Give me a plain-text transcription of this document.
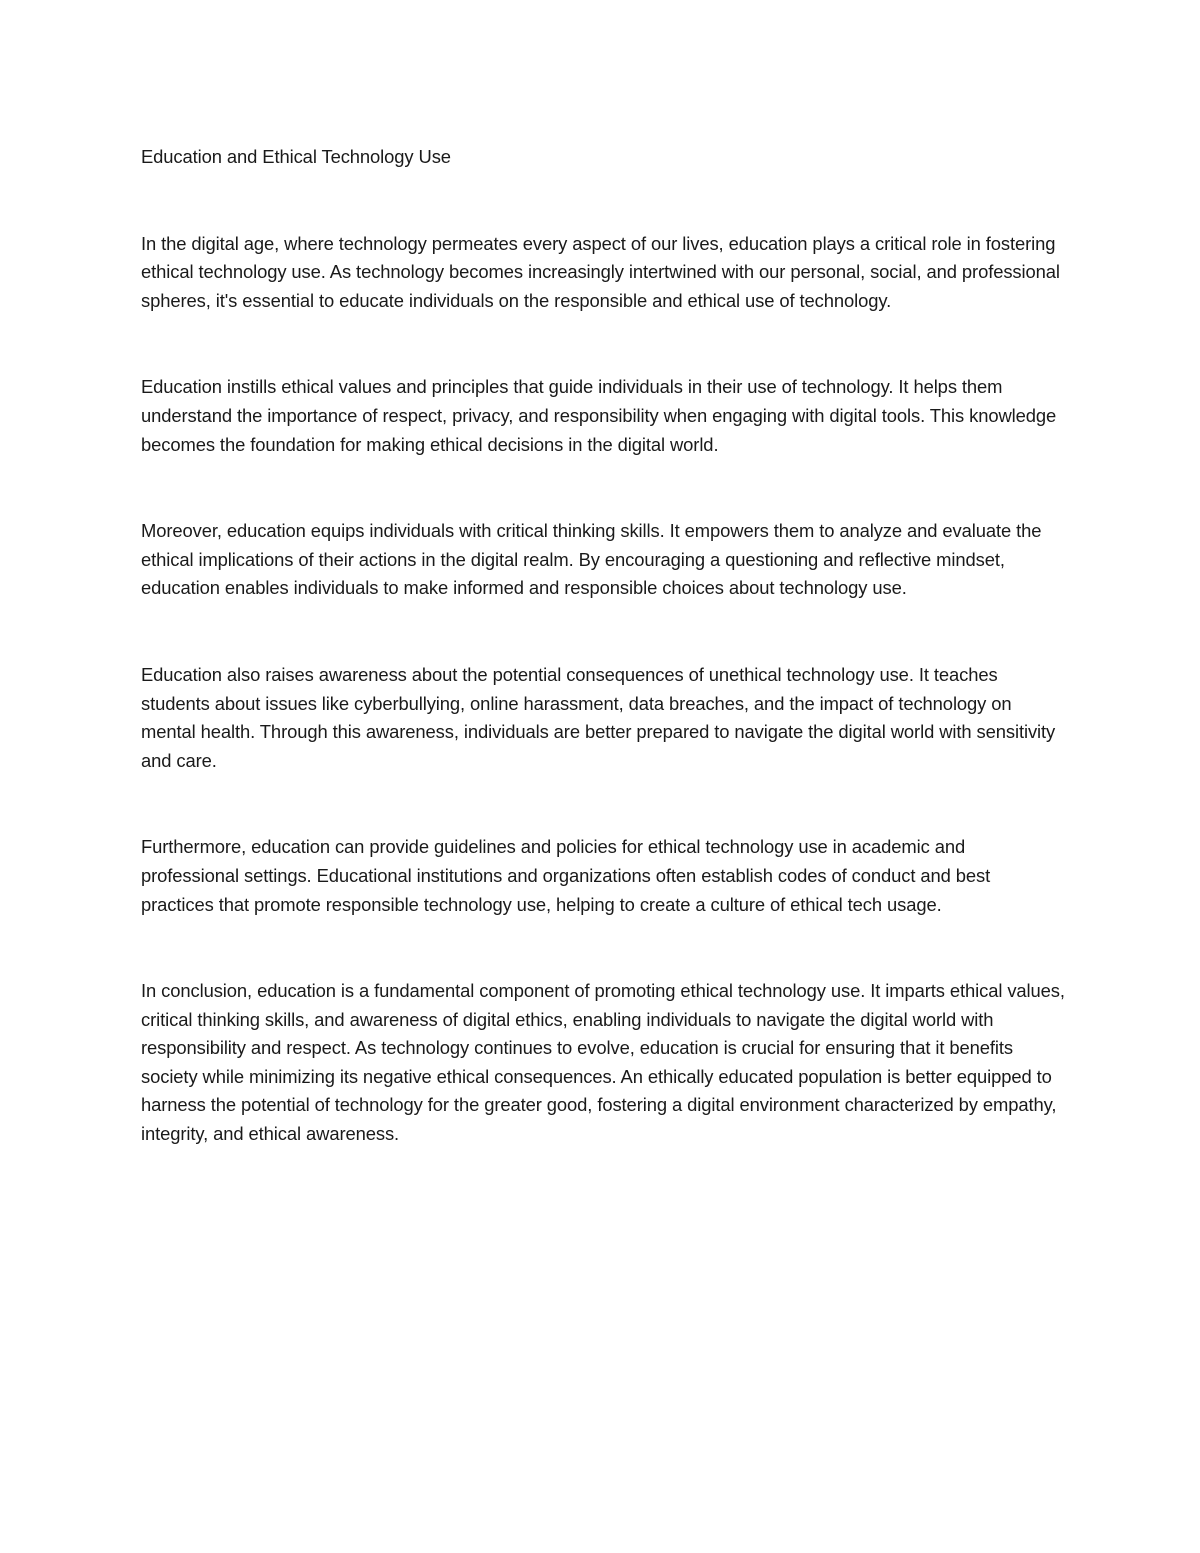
Education and Ethical Technology Use

In the digital age, where technology permeates every aspect of our lives, education plays a critical role in fostering ethical technology use. As technology becomes increasingly intertwined with our personal, social, and professional spheres, it's essential to educate individuals on the responsible and ethical use of technology.

Education instills ethical values and principles that guide individuals in their use of technology. It helps them understand the importance of respect, privacy, and responsibility when engaging with digital tools. This knowledge becomes the foundation for making ethical decisions in the digital world.

Moreover, education equips individuals with critical thinking skills. It empowers them to analyze and evaluate the ethical implications of their actions in the digital realm. By encouraging a questioning and reflective mindset, education enables individuals to make informed and responsible choices about technology use.

Education also raises awareness about the potential consequences of unethical technology use. It teaches students about issues like cyberbullying, online harassment, data breaches, and the impact of technology on mental health. Through this awareness, individuals are better prepared to navigate the digital world with sensitivity and care.

Furthermore, education can provide guidelines and policies for ethical technology use in academic and professional settings. Educational institutions and organizations often establish codes of conduct and best practices that promote responsible technology use, helping to create a culture of ethical tech usage.

In conclusion, education is a fundamental component of promoting ethical technology use. It imparts ethical values, critical thinking skills, and awareness of digital ethics, enabling individuals to navigate the digital world with responsibility and respect. As technology continues to evolve, education is crucial for ensuring that it benefits society while minimizing its negative ethical consequences. An ethically educated population is better equipped to harness the potential of technology for the greater good, fostering a digital environment characterized by empathy, integrity, and ethical awareness.
